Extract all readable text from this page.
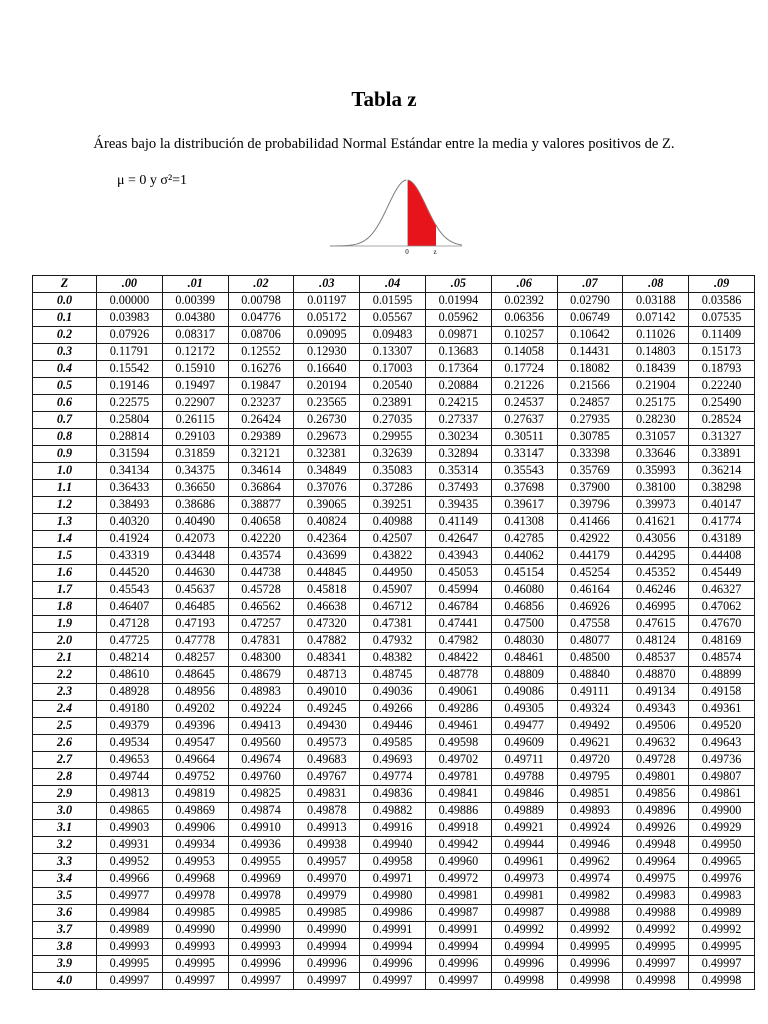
Tabla z
Áreas bajo la distribución de probabilidad Normal Estándar entre la media y valores positivos de Z.
μ = 0 y σ²=1
0	z
Z	.00	.01	.02	.03	.04	.05	.06	.07	.08	.09
0.0	0.00000	0.00399	0.00798	0.01197	0.01595	0.01994	0.02392	0.02790	0.03188	0.03586
0.1	0.03983	0.04380	0.04776	0.05172	0.05567	0.05962	0.06356	0.06749	0.07142	0.07535
0.2	0.07926	0.08317	0.08706	0.09095	0.09483	0.09871	0.10257	0.10642	0.11026	0.11409
0.3	0.11791	0.12172	0.12552	0.12930	0.13307	0.13683	0.14058	0.14431	0.14803	0.15173
0.4	0.15542	0.15910	0.16276	0.16640	0.17003	0.17364	0.17724	0.18082	0.18439	0.18793
0.5	0.19146	0.19497	0.19847	0.20194	0.20540	0.20884	0.21226	0.21566	0.21904	0.22240
0.6	0.22575	0.22907	0.23237	0.23565	0.23891	0.24215	0.24537	0.24857	0.25175	0.25490
0.7	0.25804	0.26115	0.26424	0.26730	0.27035	0.27337	0.27637	0.27935	0.28230	0.28524
0.8	0.28814	0.29103	0.29389	0.29673	0.29955	0.30234	0.30511	0.30785	0.31057	0.31327
0.9	0.31594	0.31859	0.32121	0.32381	0.32639	0.32894	0.33147	0.33398	0.33646	0.33891
1.0	0.34134	0.34375	0.34614	0.34849	0.35083	0.35314	0.35543	0.35769	0.35993	0.36214
1.1	0.36433	0.36650	0.36864	0.37076	0.37286	0.37493	0.37698	0.37900	0.38100	0.38298
1.2	0.38493	0.38686	0.38877	0.39065	0.39251	0.39435	0.39617	0.39796	0.39973	0.40147
1.3	0.40320	0.40490	0.40658	0.40824	0.40988	0.41149	0.41308	0.41466	0.41621	0.41774
1.4	0.41924	0.42073	0.42220	0.42364	0.42507	0.42647	0.42785	0.42922	0.43056	0.43189
1.5	0.43319	0.43448	0.43574	0.43699	0.43822	0.43943	0.44062	0.44179	0.44295	0.44408
1.6	0.44520	0.44630	0.44738	0.44845	0.44950	0.45053	0.45154	0.45254	0.45352	0.45449
1.7	0.45543	0.45637	0.45728	0.45818	0.45907	0.45994	0.46080	0.46164	0.46246	0.46327
1.8	0.46407	0.46485	0.46562	0.46638	0.46712	0.46784	0.46856	0.46926	0.46995	0.47062
1.9	0.47128	0.47193	0.47257	0.47320	0.47381	0.47441	0.47500	0.47558	0.47615	0.47670
2.0	0.47725	0.47778	0.47831	0.47882	0.47932	0.47982	0.48030	0.48077	0.48124	0.48169
2.1	0.48214	0.48257	0.48300	0.48341	0.48382	0.48422	0.48461	0.48500	0.48537	0.48574
2.2	0.48610	0.48645	0.48679	0.48713	0.48745	0.48778	0.48809	0.48840	0.48870	0.48899
2.3	0.48928	0.48956	0.48983	0.49010	0.49036	0.49061	0.49086	0.49111	0.49134	0.49158
2.4	0.49180	0.49202	0.49224	0.49245	0.49266	0.49286	0.49305	0.49324	0.49343	0.49361
2.5	0.49379	0.49396	0.49413	0.49430	0.49446	0.49461	0.49477	0.49492	0.49506	0.49520
2.6	0.49534	0.49547	0.49560	0.49573	0.49585	0.49598	0.49609	0.49621	0.49632	0.49643
2.7	0.49653	0.49664	0.49674	0.49683	0.49693	0.49702	0.49711	0.49720	0.49728	0.49736
2.8	0.49744	0.49752	0.49760	0.49767	0.49774	0.49781	0.49788	0.49795	0.49801	0.49807
2.9	0.49813	0.49819	0.49825	0.49831	0.49836	0.49841	0.49846	0.49851	0.49856	0.49861
3.0	0.49865	0.49869	0.49874	0.49878	0.49882	0.49886	0.49889	0.49893	0.49896	0.49900
3.1	0.49903	0.49906	0.49910	0.49913	0.49916	0.49918	0.49921	0.49924	0.49926	0.49929
3.2	0.49931	0.49934	0.49936	0.49938	0.49940	0.49942	0.49944	0.49946	0.49948	0.49950
3.3	0.49952	0.49953	0.49955	0.49957	0.49958	0.49960	0.49961	0.49962	0.49964	0.49965
3.4	0.49966	0.49968	0.49969	0.49970	0.49971	0.49972	0.49973	0.49974	0.49975	0.49976
3.5	0.49977	0.49978	0.49978	0.49979	0.49980	0.49981	0.49981	0.49982	0.49983	0.49983
3.6	0.49984	0.49985	0.49985	0.49985	0.49986	0.49987	0.49987	0.49988	0.49988	0.49989
3.7	0.49989	0.49990	0.49990	0.49990	0.49991	0.49991	0.49992	0.49992	0.49992	0.49992
3.8	0.49993	0.49993	0.49993	0.49994	0.49994	0.49994	0.49994	0.49995	0.49995	0.49995
3.9	0.49995	0.49995	0.49996	0.49996	0.49996	0.49996	0.49996	0.49996	0.49997	0.49997
4.0	0.49997	0.49997	0.49997	0.49997	0.49997	0.49997	0.49998	0.49998	0.49998	0.49998
